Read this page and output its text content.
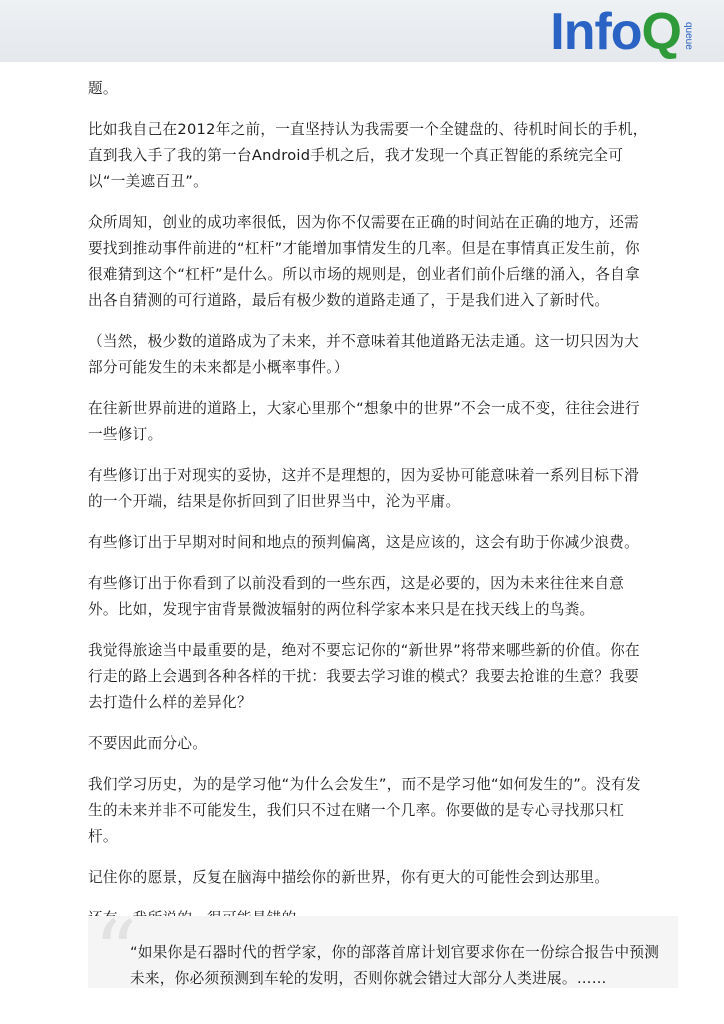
InfoQ queue

题。

比如我自己在2012年之前，一直坚持认为我需要一个全键盘的、待机时间长的手机，直到我入手了我的第一台Android手机之后，我才发现一个真正智能的系统完全可以“一美遮百丑”。

众所周知，创业的成功率很低，因为你不仅需要在正确的时间站在正确的地方，还需要找到推动事件前进的“杠杆”才能增加事情发生的几率。但是在事情真正发生前，你很难猜到这个“杠杆”是什么。所以市场的规则是，创业者们前仆后继的涌入，各自拿出各自猜测的可行道路，最后有极少数的道路走通了，于是我们进入了新时代。

（当然，极少数的道路成为了未来，并不意味着其他道路无法走通。这一切只因为大部分可能发生的未来都是小概率事件。）

在往新世界前进的道路上，大家心里那个“想象中的世界”不会一成不变，往往会进行一些修订。

有些修订出于对现实的妥协，这并不是理想的，因为妥协可能意味着一系列目标下滑的一个开端，结果是你折回到了旧世界当中，沦为平庸。

有些修订出于早期对时间和地点的预判偏离，这是应该的，这会有助于你减少浪费。

有些修订出于你看到了以前没看到的一些东西，这是必要的，因为未来往往来自意外。比如，发现宇宙背景微波辐射的两位科学家本来只是在找天线上的鸟粪。

我觉得旅途当中最重要的是，绝对不要忘记你的“新世界”将带来哪些新的价值。你在行走的路上会遇到各种各样的干扰：我要去学习谁的模式？我要去抢谁的生意？我要去打造什么样的差异化？

不要因此而分心。

我们学习历史，为的是学习他“为什么会发生”，而不是学习他“如何发生的”。没有发生的未来并非不可能发生，我们只不过在赌一个几率。你要做的是专心寻找那只杠杆。

记住你的愿景，反复在脑海中描绘你的新世界，你有更大的可能性会到达那里。

“
“如果你是石器时代的哲学家，你的部落首席计划官要求你在一份综合报告中预测未来，你必须预测到车轮的发明，否则你就会错过大部分人类进展。……
